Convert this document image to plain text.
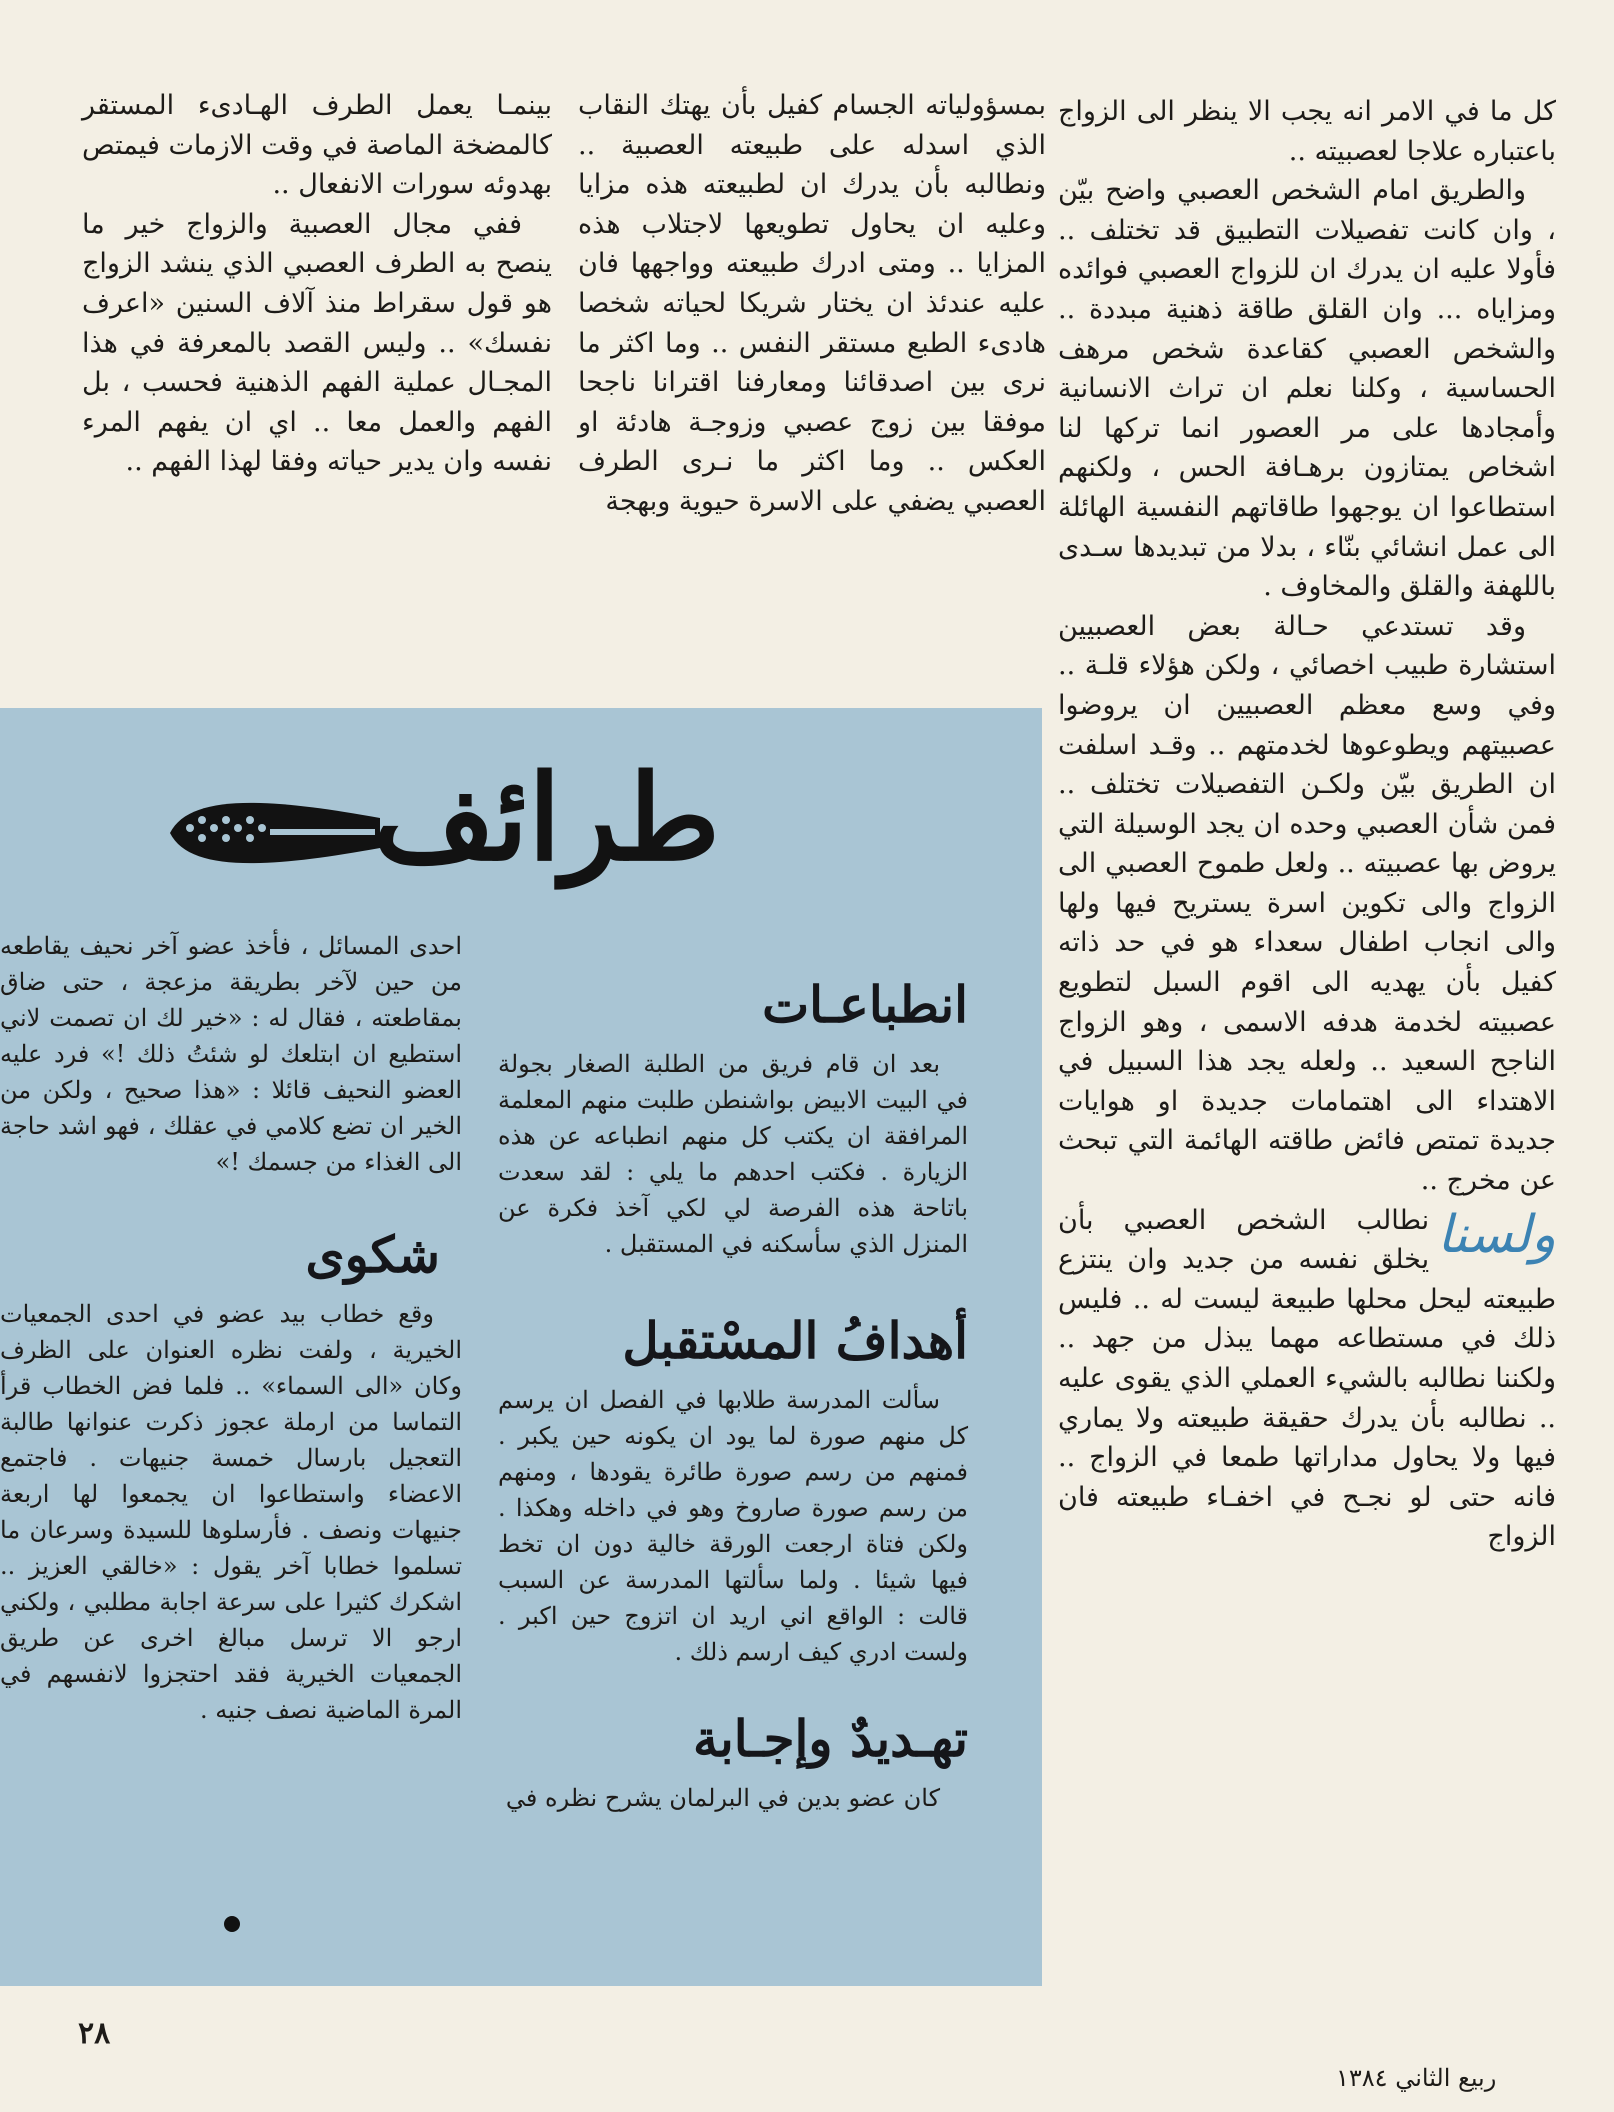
كل ما في الامر انه يجب الا ينظر الى الزواج باعتباره علاجا لعصبيته ..

والطريق امام الشخص العصبي واضح بيّن ، وان كانت تفصيلات التطبيق قد تختلف .. فأولا عليه ان يدرك ان للزواج العصبي فوائده ومزاياه ... وان القلق طاقة ذهنية مبددة .. والشخص العصبي كقاعدة شخص مرهف الحساسية ، وكلنا نعلم ان تراث الانسانية وأمجادها على مر العصور انما تركها لنا اشخاص يمتازون برهـافة الحس ، ولكنهم استطاعوا ان يوجهوا طاقاتهم النفسية الهائلة الى عمل انشائي بنّاء ، بدلا من تبديدها سـدى باللهفة والقلق والمخاوف .

وقد تستدعي حـالة بعض العصبيين استشارة طبيب اخصائي ، ولكن هؤلاء قلـة .. وفي وسع معظم العصبيين ان يروضوا عصبيتهم ويطوعوها لخدمتهم .. وقـد اسلفت ان الطريق بيّن ولكـن التفصيلات تختلف .. فمن شأن العصبي وحده ان يجد الوسيلة التي يروض بها عصبيته .. ولعل طموح العصبي الى الزواج والى تكوين اسرة يستريح فيها ولها والى انجاب اطفال سعداء هو في حد ذاته كفيل بأن يهديه الى اقوم السبل لتطويع عصبيته لخدمة هدفه الاسمى ، وهو الزواج الناجح السعيد .. ولعله يجد هذا السبيل في الاهتداء الى اهتمامات جديدة او هوايات جديدة تمتص فائض طاقته الهائمة التي تبحث عن مخرج ..

ولسنا
نطالب الشخص العصبي بأن يخلق نفسه من جديد وان ينتزع طبيعته ليحل محلها طبيعة ليست له .. فليس ذلك في مستطاعه مهما يبذل من جهد .. ولكننا نطالبه بالشيء العملي الذي يقوى عليه .. نطالبه بأن يدرك حقيقة طبيعته ولا يماري فيها ولا يحاول مداراتها طمعا في الزواج .. فانه حتى لو نجـح في اخفـاء طبيعته فان الزواج

بمسؤولياته الجسام كفيل بأن يهتك النقاب الذي اسدله على طبيعته العصبية .. ونطالبه بأن يدرك ان لطبيعته هذه مزايا وعليه ان يحاول تطويعها لاجتلاب هذه المزايا .. ومتى ادرك طبيعته وواجهها فان عليه عندئذ ان يختار شريكا لحياته شخصا هادىء الطبع مستقر النفس .. وما اكثر ما نرى بين اصدقائنا ومعارفنا اقترانا ناجحا موفقا بين زوج عصبي وزوجـة هادئة او العكس .. وما اكثر ما نـرى الطرف العصبي يضفي على الاسرة حيوية وبهجة

بينمـا يعمل الطرف الهـادىء المستقر كالمضخة الماصة في وقت الازمات فيمتص بهدوئه سورات الانفعال ..

ففي مجال العصبية والزواج خير ما ينصح به الطرف العصبي الذي ينشد الزواج هو قول سقراط منذ آلاف السنين «اعرف نفسك» .. وليس القصد بالمعرفة في هذا المجـال عملية الفهم الذهنية فحسب ، بل الفهم والعمل معا .. اي ان يفهم المرء نفسه وان يدير حياته وفقا لهذا الفهم ..

طرائف
انطباعـات

بعد ان قام فريق من الطلبة الصغار بجولة في البيت الابيض بواشنطن طلبت منهم المعلمة المرافقة ان يكتب كل منهم انطباعه عن هذه الزيارة . فكتب احدهم ما يلي : لقد سعدت باتاحة هذه الفرصة لي لكي آخذ فكرة عن المنزل الذي سأسكنه في المستقبل .

أهدافُ المسْتقبل

سألت المدرسة طلابها في الفصل ان يرسم كل منهم صورة لما يود ان يكونه حين يكبر . فمنهم من رسم صورة طائرة يقودها ، ومنهم من رسم صورة صاروخ وهو في داخله وهكذا . ولكن فتاة ارجعت الورقة خالية دون ان تخط فيها شيئا . ولما سألتها المدرسة عن السبب قالت : الواقع اني اريد ان اتزوج حين اكبر . ولست ادري كيف ارسم ذلك .

تهـديدٌ وإجـابة

كان عضو بدين في البرلمان يشرح نظره في

احدى المسائل ، فأخذ عضو آخر نحيف يقاطعه من حين لآخر بطريقة مزعجة ، حتى ضاق بمقاطعته ، فقال له : «خير لك ان تصمت لاني استطيع ان ابتلعك لو شئتُ ذلك !» فرد عليه العضو النحيف قائلا : «هذا صحيح ، ولكن من الخير ان تضع كلامي في عقلك ، فهو اشد حاجة الى الغذاء من جسمك !»

شكوى

وقع خطاب بيد عضو في احدى الجمعيات الخيرية ، ولفت نظره العنوان على الظرف وكان «الى السماء» .. فلما فض الخطاب قرأ التماسا من ارملة عجوز ذكرت عنوانها طالبة التعجيل بارسال خمسة جنيهات . فاجتمع الاعضاء واستطاعوا ان يجمعوا لها اربعة جنيهات ونصف . فأرسلوها للسيدة وسرعان ما تسلموا خطابا آخر يقول : «خالقي العزيز .. اشكرك كثيرا على سرعة اجابة مطلبي ، ولكني ارجو الا ترسل مبالغ اخرى عن طريق الجمعيات الخيرية فقد احتجزوا لانفسهم في المرة الماضية نصف جنيه .

٢٨
ربيع الثاني ١٣٨٤
